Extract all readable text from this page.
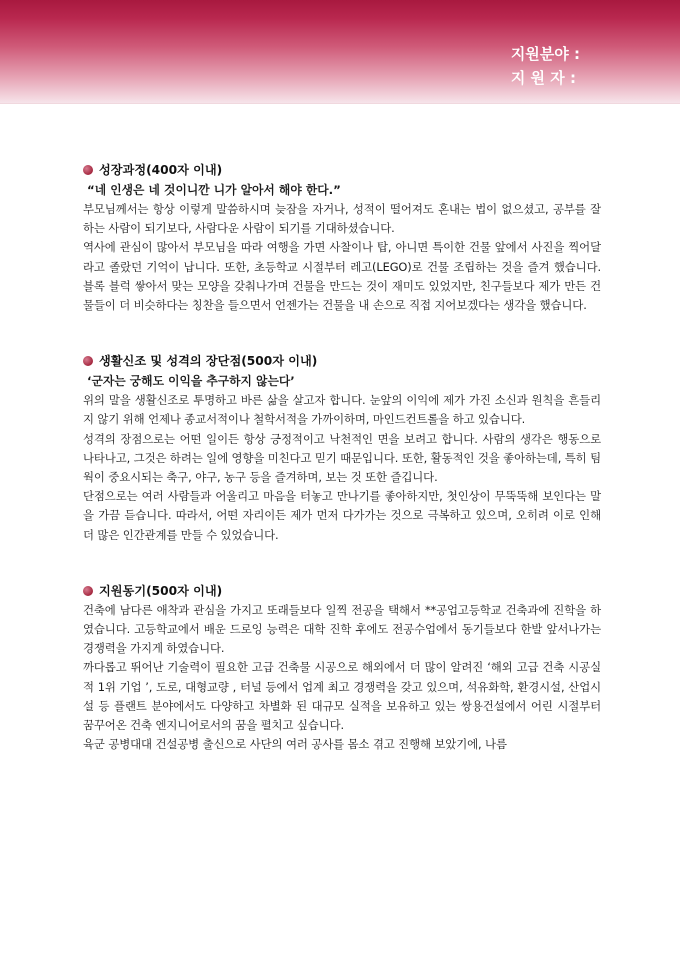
지원분야 :
지 원 자 :
성장과정(400자 이내)
“네 인생은 네 것이니깐 니가 알아서 해야 한다.”

부모님께서는 항상 이렇게 말씀하시며 늦잠을 자거나, 성적이 떨어져도 혼내는 법이 없으셨고, 공부를 잘하는 사람이 되기보다, 사람다운 사람이 되기를 기대하셨습니다.

역사에 관심이 많아서 부모님을 따라 여행을 가면 사찰이나 탑, 아니면 특이한 건물 앞에서 사진을 찍어달라고 졸랐던 기억이 납니다. 또한, 초등학교 시절부터 레고(LEGO)로 건물 조립하는 것을 즐겨 했습니다. 블록 블럭 쌓아서 맞는 모양을 갖춰나가며 건물을 만드는 것이 재미도 있었지만, 친구들보다 제가 만든 건물들이 더 비슷하다는 칭찬을 들으면서 언젠가는 건물을 내 손으로 직접 지어보겠다는 생각을 했습니다.

생활신조 및 성격의 장단점(500자 이내)
‘군자는 궁해도 이익을 추구하지 않는다’

위의 말을 생활신조로 투명하고 바른 삶을 살고자 합니다. 눈앞의 이익에 제가 가진 소신과 원칙을 흔들리지 않기 위해 언제나 종교서적이나 철학서적을 가까이하며, 마인드컨트롤을 하고 있습니다.

성격의 장점으로는 어떤 일이든 항상 긍정적이고 낙천적인 면을 보려고 합니다. 사람의 생각은 행동으로 나타나고, 그것은 하려는 일에 영향을 미친다고 믿기 때문입니다. 또한, 활동적인 것을 좋아하는데, 특히 팀웍이 중요시되는 축구, 야구, 농구 등을 즐겨하며, 보는 것 또한 즐깁니다.

단점으로는 여러 사람들과 어울리고 마음을 터놓고 만나기를 좋아하지만, 첫인상이 무뚝뚝해 보인다는 말을 가끔 듣습니다. 따라서, 어떤 자리이든 제가 먼저 다가가는 것으로 극복하고 있으며, 오히려 이로 인해 더 많은 인간관계를 만들 수 있었습니다.

지원동기(500자 이내)

건축에 남다른 애착과 관심을 가지고 또래들보다 일찍 전공을 택해서 **공업고등학교 건축과에 진학을 하였습니다. 고등학교에서 배운 드로잉 능력은 대학 진학 후에도 전공수업에서 동기들보다 한발 앞서나가는 경쟁력을 가지게 하였습니다.

까다롭고 뛰어난 기술력이 필요한 고급 건축물 시공으로 해외에서 더 많이 알려진 ‘해외 고급 건축 시공실적 1위 기업 ’, 도로, 대형교량 , 터널 등에서 업계 최고 경쟁력을 갖고 있으며, 석유화학, 환경시설, 산업시설 등 플랜트 분야에서도 다양하고 차별화 된 대규모 실적을 보유하고 있는 쌍용건설에서 어린 시절부터 꿈꾸어온 건축 엔지니어로서의 꿈을 펼치고 싶습니다.

육군 공병대대 건설공병 출신으로 사단의 여러 공사를 몸소 겪고 진행해 보았기에, 나름
